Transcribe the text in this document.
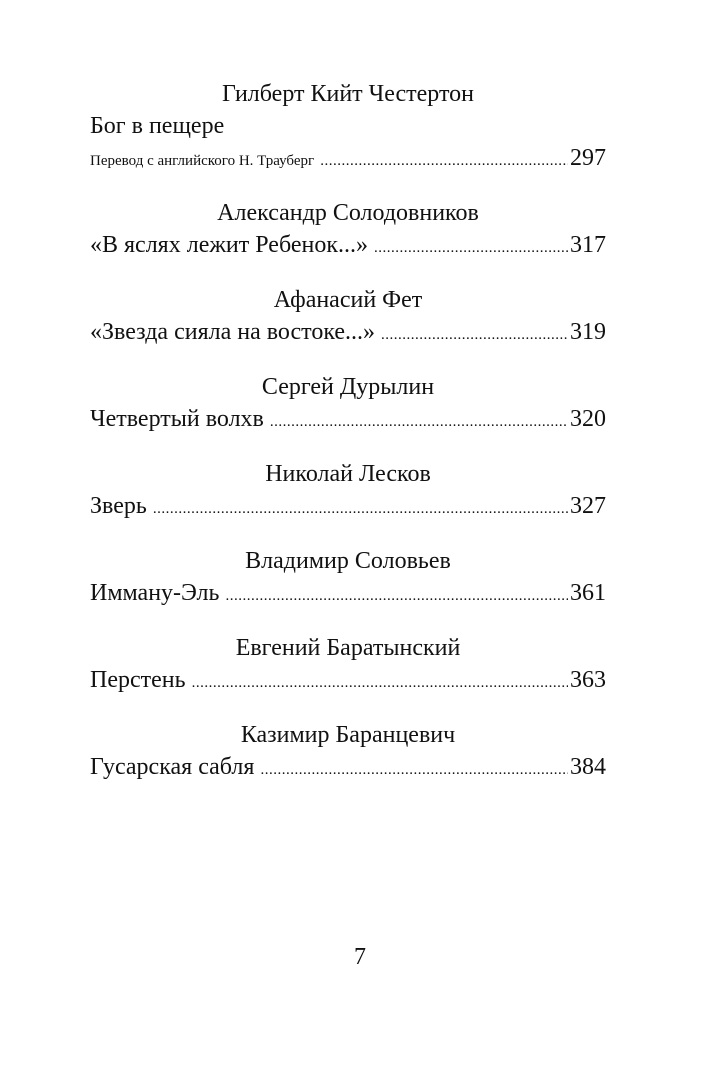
Гилберт Кийт Честертон
Бог в пещере
Перевод с английского Н. Трауберг .....	297
Александр Солодовников
«В яслях лежит Ребенок...» .....	317
Афанасий Фет
«Звезда сияла на востоке...» .....	319
Сергей Дурылин
Четвертый волхв .....	320
Николай Лесков
Зверь .....	327
Владимир Соловьев
Имману-Эль .....	361
Евгений Баратынский
Перстень .....	363
Казимир Баранцевич
Гусарская сабля .....	384
7
